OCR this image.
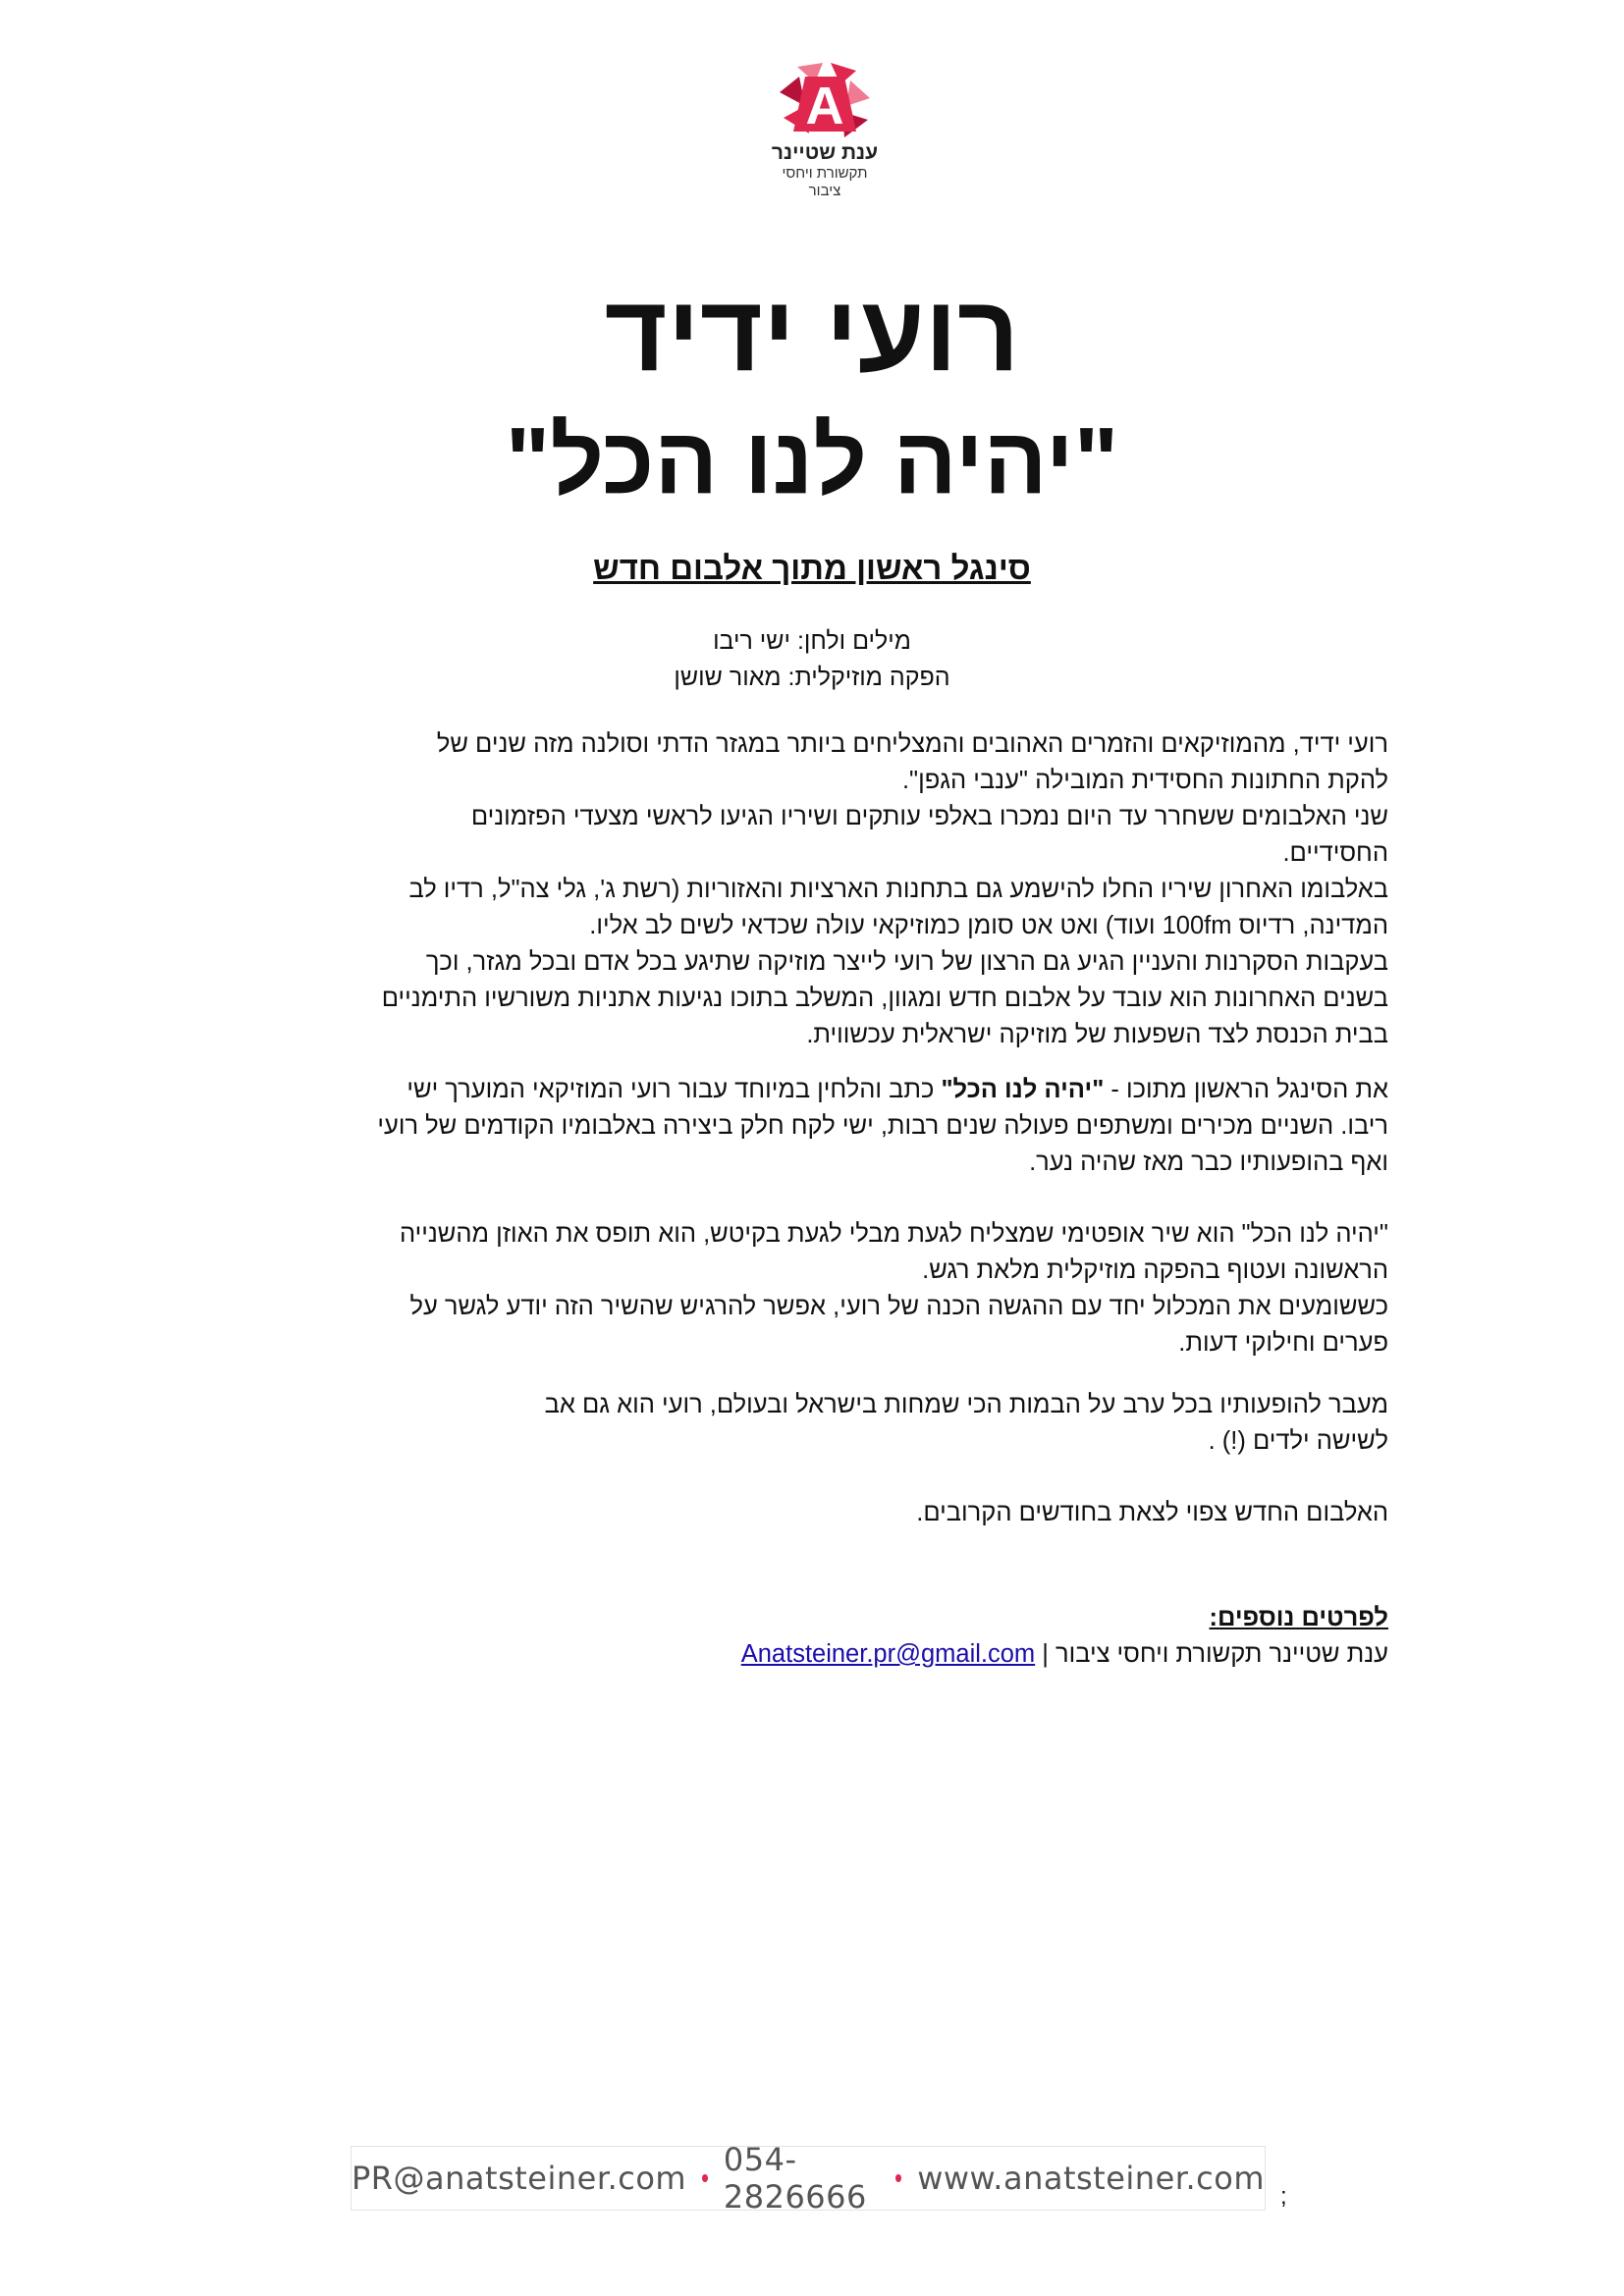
A
ענת שטיינר
תקשורת ויחסי ציבור
רועי ידיד
"יהיה לנו הכל"
סינגל ראשון מתוך אלבום חדש
מילים ולחן: ישי ריבו
הפקה מוזיקלית: מאור שושן

רועי ידיד, מהמוזיקאים והזמרים האהובים והמצליחים ביותר במגזר הדתי וסולנה מזה שנים של

להקת החתונות החסידית המובילה "ענבי הגפן".

שני האלבומים ששחרר עד היום נמכרו באלפי עותקים ושיריו הגיעו לראשי מצעדי הפזמונים

החסידיים.

באלבומו האחרון שיריו החלו להישמע גם בתחנות הארציות והאזוריות (רשת ג', גלי צה"ל, רדיו לב

המדינה, רדיוס 100fm ועוד) ואט אט סומן כמוזיקאי עולה שכדאי לשים לב אליו.

בעקבות הסקרנות והעניין הגיע גם הרצון של רועי לייצר מוזיקה שתיגע בכל אדם ובכל מגזר, וכך

בשנים האחרונות הוא עובד על אלבום חדש ומגוון, המשלב בתוכו נגיעות אתניות משורשיו התימניים

בבית הכנסת לצד השפעות של מוזיקה ישראלית עכשווית.

את הסינגל הראשון מתוכו - "יהיה לנו הכל" כתב והלחין במיוחד עבור רועי המוזיקאי המוערך ישי

ריבו. השניים מכירים ומשתפים פעולה שנים רבות, ישי לקח חלק ביצירה באלבומיו הקודמים של רועי

ואף בהופעותיו כבר מאז שהיה נער.

"יהיה לנו הכל" הוא שיר אופטימי שמצליח לגעת מבלי לגעת בקיטש, הוא תופס את האוזן מהשנייה

הראשונה ועטוף בהפקה מוזיקלית מלאת רגש.

כששומעים את המכלול יחד עם ההגשה הכנה של רועי, אפשר להרגיש שהשיר הזה יודע לגשר על

פערים וחילוקי דעות.

מעבר להופעותיו בכל ערב על הבמות הכי שמחות בישראל ובעולם, רועי הוא גם אב

לשישה ילדים (!) .

האלבום החדש צפוי לצאת בחודשים הקרובים.

לפרטים נוספים:
ענת שטיינר תקשורת ויחסי ציבור | Anatsteiner.pr@gmail.com
PR@anatsteiner.com 054-2826666	www.anatsteiner.com ;
